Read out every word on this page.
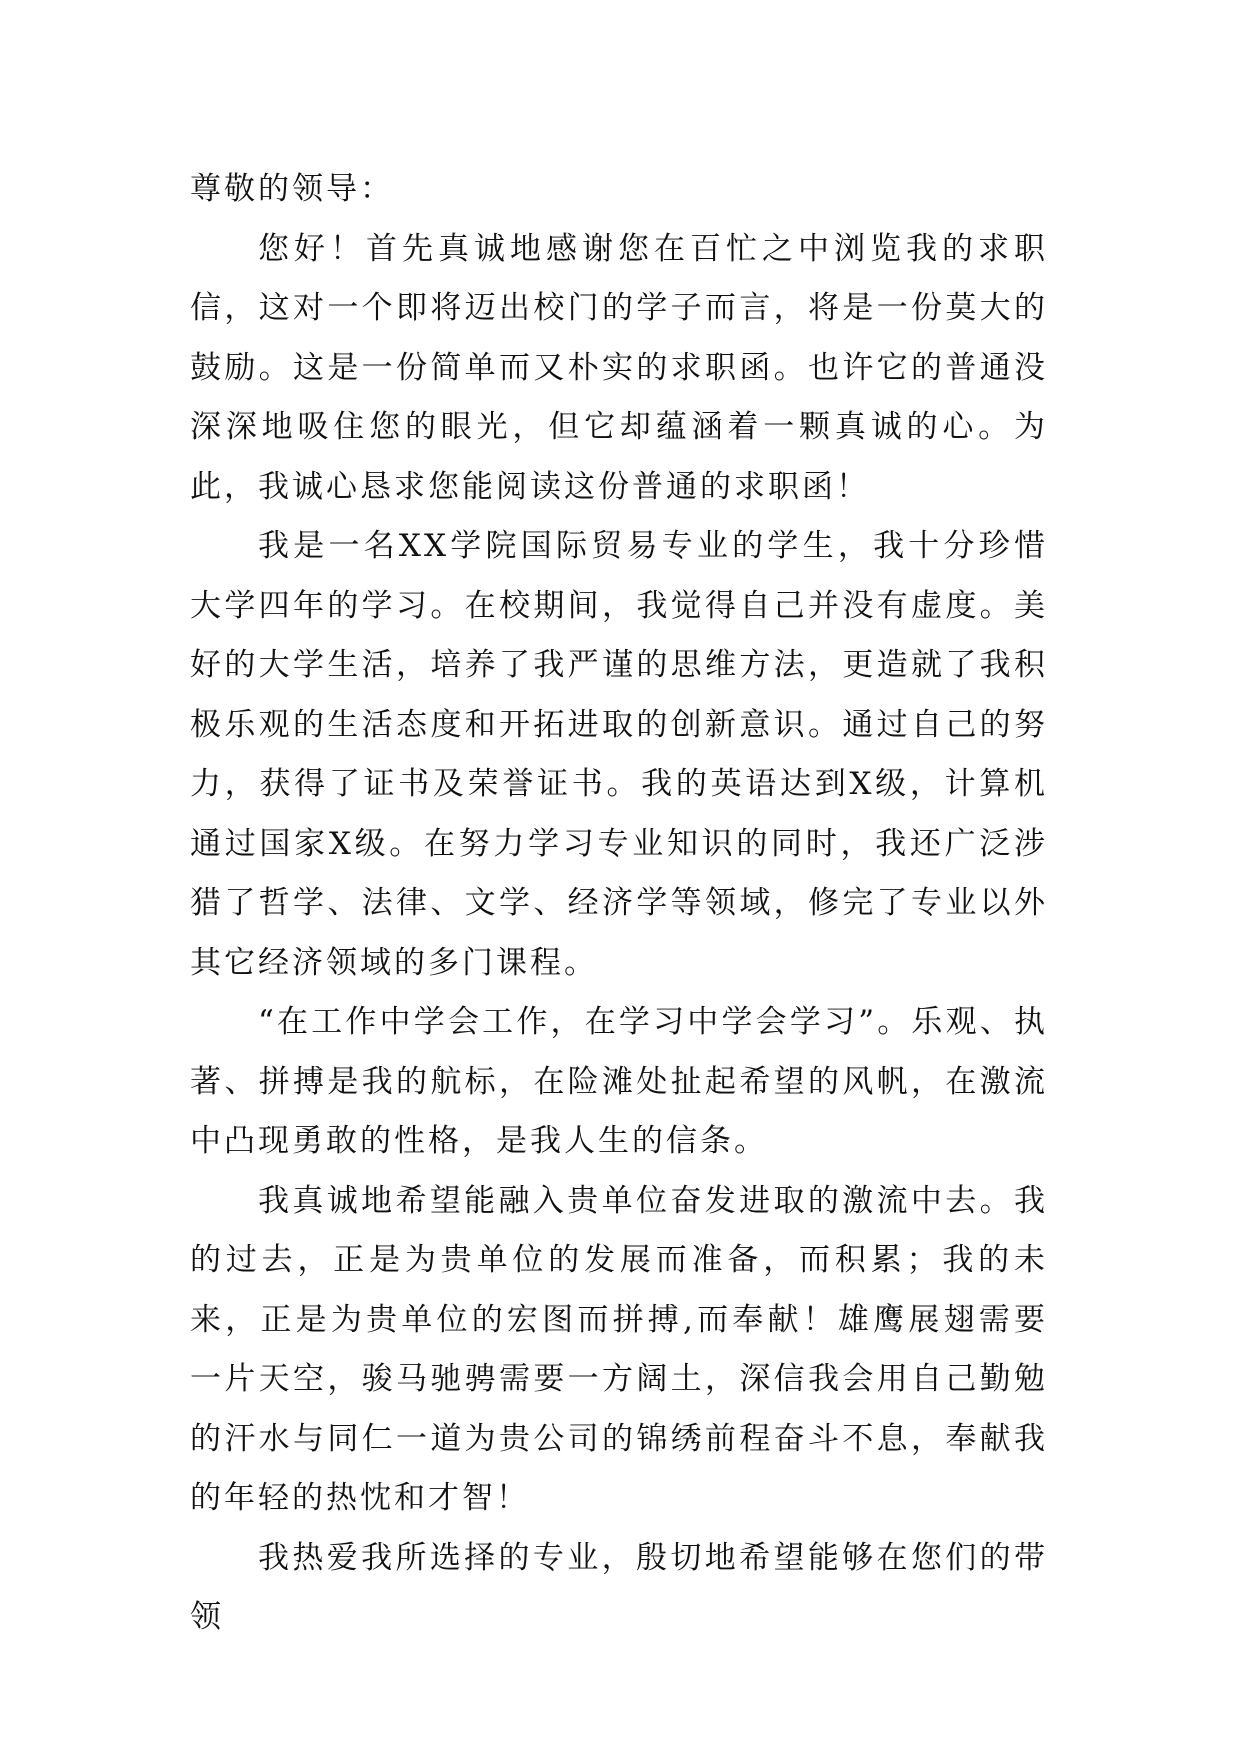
尊敬的领导：

您好！首先真诚地感谢您在百忙之中浏览我的求职信，这对一个即将迈出校门的学子而言，将是一份莫大的鼓励。这是一份简单而又朴实的求职函。也许它的普通没深深地吸住您的眼光，但它却蕴涵着一颗真诚的心。为此，我诚心恳求您能阅读这份普通的求职函！

我是一名XX学院国际贸易专业的学生，我十分珍惜大学四年的学习。在校期间，我觉得自己并没有虚度。美好的大学生活，培养了我严谨的思维方法，更造就了我积极乐观的生活态度和开拓进取的创新意识。通过自己的努力，获得了证书及荣誉证书。我的英语达到X级，计算机通过国家X级。在努力学习专业知识的同时，我还广泛涉猎了哲学、法律、文学、经济学等领域，修完了专业以外其它经济领域的多门课程。

“在工作中学会工作，在学习中学会学习”。乐观、执著、拼搏是我的航标，在险滩处扯起希望的风帆，在激流中凸现勇敢的性格，是我人生的信条。

我真诚地希望能融入贵单位奋发进取的激流中去。我的过去，正是为贵单位的发展而准备，而积累；我的未来，正是为贵单位的宏图而拼搏,而奉献！雄鹰展翅需要一片天空，骏马驰骋需要一方阔土，深信我会用自己勤勉的汗水与同仁一道为贵公司的锦绣前程奋斗不息，奉献我的年轻的热忱和才智！

我热爱我所选择的专业，殷切地希望能够在您们的带领
